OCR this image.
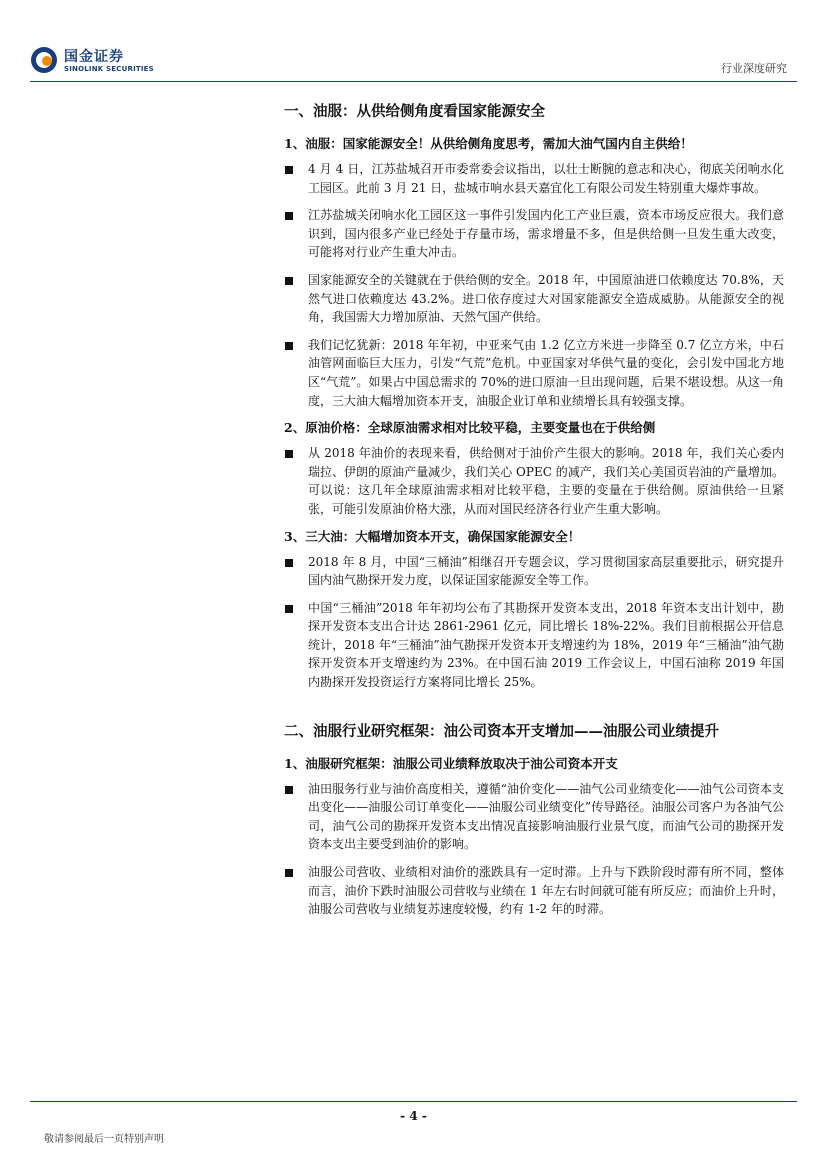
国金证券
SINOLINK SECURITIES	行业深度研究
一、油服：从供给侧角度看国家能源安全
1、油服：国家能源安全！从供给侧角度思考，需加大油气国内自主供给！
4 月 4 日，江苏盐城召开市委常委会议指出，以壮士断腕的意志和决心，彻底关闭响水化工园区。此前 3 月 21 日，盐城市响水县天嘉宜化工有限公司发生特别重大爆炸事故。
江苏盐城关闭响水化工园区这一事件引发国内化工产业巨震，资本市场反应很大。我们意识到，国内很多产业已经处于存量市场，需求增量不多，但是供给侧一旦发生重大改变，可能将对行业产生重大冲击。
国家能源安全的关键就在于供给侧的安全。2018 年，中国原油进口依赖度达 70.8%，天然气进口依赖度达 43.2%。进口依存度过大对国家能源安全造成威胁。从能源安全的视角，我国需大力增加原油、天然气国产供给。
我们记忆犹新：2018 年年初，中亚来气由 1.2 亿立方米进一步降至 0.7 亿立方米，中石油管网面临巨大压力，引发“气荒”危机。中亚国家对华供气量的变化，会引发中国北方地区“气荒”。如果占中国总需求的 70%的进口原油一旦出现问题，后果不堪设想。从这一角度，三大油大幅增加资本开支，油服企业订单和业绩增长具有较强支撑。
2、原油价格：全球原油需求相对比较平稳，主要变量也在于供给侧
从 2018 年油价的表现来看，供给侧对于油价产生很大的影响。2018 年，我们关心委内瑞拉、伊朗的原油产量减少，我们关心 OPEC 的减产，我们关心美国页岩油的产量增加。可以说：这几年全球原油需求相对比较平稳，主要的变量在于供给侧。原油供给一旦紧张，可能引发原油价格大涨，从而对国民经济各行业产生重大影响。
3、三大油：大幅增加资本开支，确保国家能源安全！
2018 年 8 月，中国“三桶油”相继召开专题会议，学习贯彻国家高层重要批示，研究提升国内油气勘探开发力度，以保证国家能源安全等工作。
中国“三桶油”2018 年年初均公布了其勘探开发资本支出，2018 年资本支出计划中，勘探开发资本支出合计达 2861-2961 亿元，同比增长 18%-22%。我们目前根据公开信息统计，2018 年“三桶油”油气勘探开发资本开支增速约为 18%，2019 年“三桶油”油气勘探开发资本开支增速约为 23%。在中国石油 2019 工作会议上，中国石油称 2019 年国内勘探开发投资运行方案将同比增长 25%。
二、油服行业研究框架：油公司资本开支增加——油服公司业绩提升
1、油服研究框架：油服公司业绩释放取决于油公司资本开支
油田服务行业与油价高度相关，遵循“油价变化——油气公司业绩变化——油气公司资本支出变化——油服公司订单变化——油服公司业绩变化”传导路径。油服公司客户为各油气公司，油气公司的勘探开发资本支出情况直接影响油服行业景气度，而油气公司的勘探开发资本支出主要受到油价的影响。
油服公司营收、业绩相对油价的涨跌具有一定时滞。上升与下跌阶段时滞有所不同，整体而言，油价下跌时油服公司营收与业绩在 1 年左右时间就可能有所反应；而油价上升时，油服公司营收与业绩复苏速度较慢，约有 1-2 年的时滞。
- 4 -
敬请参阅最后一页特别声明
